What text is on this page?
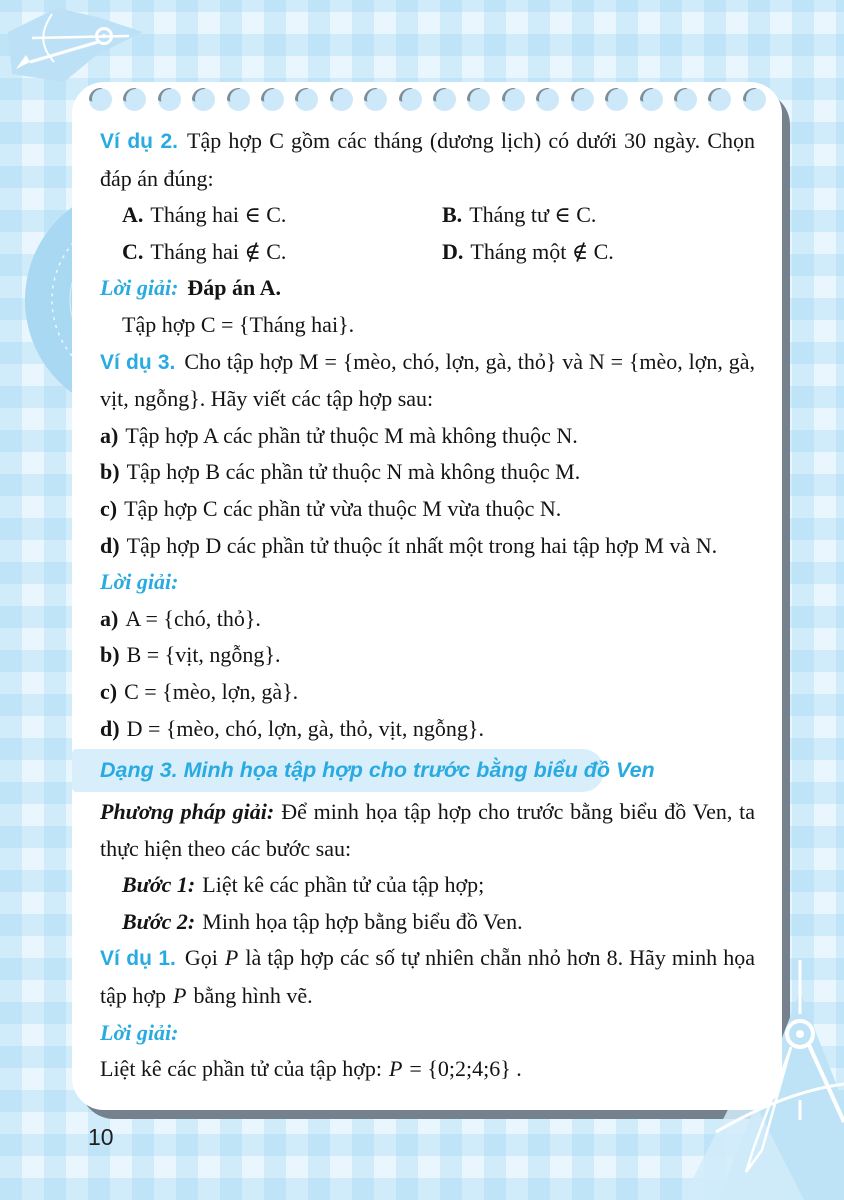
Ví dụ 2. Tập hợp C gồm các tháng (dương lịch) có dưới 30 ngày. Chọn đáp án đúng:

A. Tháng hai ∈ C.	B. Tháng tư ∈ C.
C. Tháng hai ∉ C.	D. Tháng một ∉ C.

Lời giải: Đáp án A.

Tập hợp C = {Tháng hai}.

Ví dụ 3. Cho tập hợp M = {mèo, chó, lợn, gà, thỏ} và N = {mèo, lợn, gà, vịt, ngỗng}. Hãy viết các tập hợp sau:

a) Tập hợp A các phần tử thuộc M mà không thuộc N.

b) Tập hợp B các phần tử thuộc N mà không thuộc M.

c) Tập hợp C các phần tử vừa thuộc M vừa thuộc N.

d) Tập hợp D các phần tử thuộc ít nhất một trong hai tập hợp M và N.

Lời giải:

a) A = {chó, thỏ}.

b) B = {vịt, ngỗng}.

c) C = {mèo, lợn, gà}.

d) D = {mèo, chó, lợn, gà, thỏ, vịt, ngỗng}.

Dạng 3. Minh họa tập hợp cho trước bằng biểu đồ Ven

Phương pháp giải: Để minh họa tập hợp cho trước bằng biểu đồ Ven, ta thực hiện theo các bước sau:

Bước 1: Liệt kê các phần tử của tập hợp;

Bước 2: Minh họa tập hợp bằng biểu đồ Ven.

Ví dụ 1. Gọi P là tập hợp các số tự nhiên chẵn nhỏ hơn 8. Hãy minh họa tập hợp P bằng hình vẽ.

Lời giải:

Liệt kê các phần tử của tập hợp: P = {0;2;4;6} .

10
